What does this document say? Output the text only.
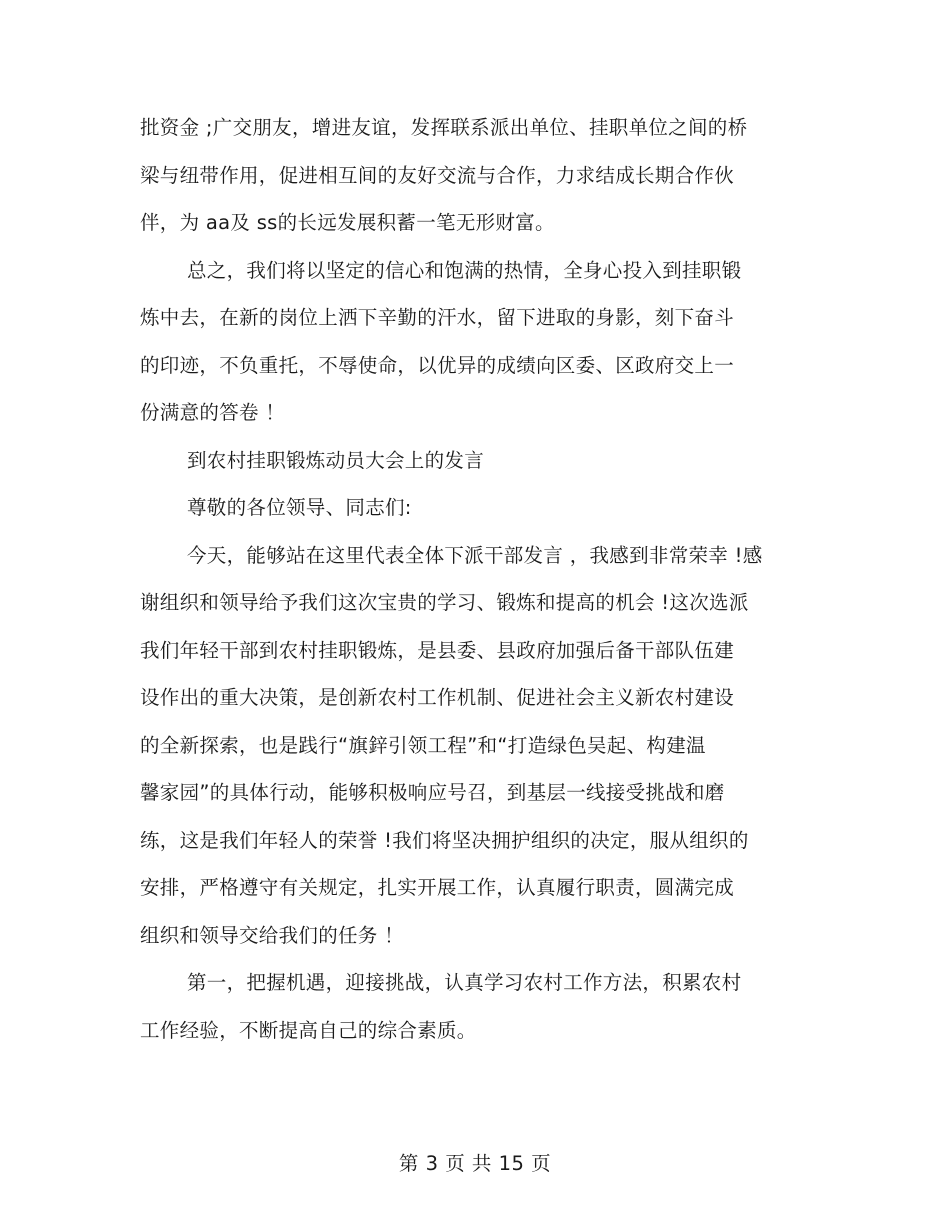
批资金 ;广交朋友，增进友谊，发挥联系派出单位、挂职单位之间的桥
梁与纽带作用，促进相互间的友好交流与合作，力求结成长期合作伙
伴，为 aa及 ss的长远发展积蓄一笔无形财富。
总之，我们将以坚定的信心和饱满的热情，全身心投入到挂职锻
炼中去，在新的岗位上洒下辛勤的汗水，留下进取的身影，刻下奋斗
的印迹，不负重托，不辱使命，以优异的成绩向区委、区政府交上一
份满意的答卷 ！
到农村挂职锻炼动员大会上的发言
尊敬的各位领导、同志们:
今天，能够站在这里代表全体下派干部发言 ，我感到非常荣幸 !感
谢组织和领导给予我们这次宝贵的学习、锻炼和提高的机会 !这次选派
我们年轻干部到农村挂职锻炼，是县委、县政府加强后备干部队伍建
设作出的重大决策，是创新农村工作机制、促进社会主义新农村建设
的全新探索，也是践行“旗鋅引领工程”和“打造绿色吴起、构建温
馨家园”的具体行动，能够积极响应号召，到基层一线接受挑战和磨
练，这是我们年轻人的荣誉 !我们将坚决拥护组织的决定，服从组织的
安排，严格遵守有关规定，扎实开展工作，认真履行职责，圆满完成
组织和领导交给我们的任务 ！
第一，把握机遇，迎接挑战，认真学习农村工作方法，积累农村
工作经验，不断提高自己的综合素质。
第 3 页 共 15 页
